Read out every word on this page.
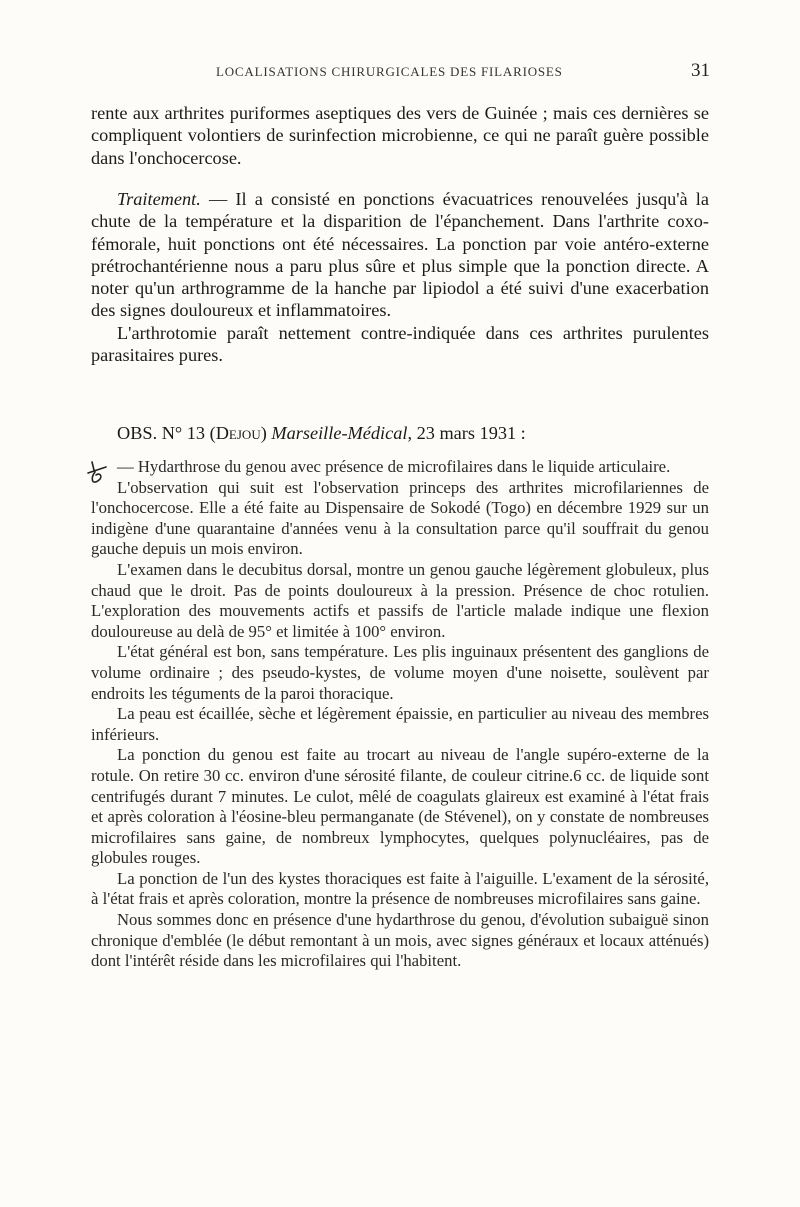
LOCALISATIONS CHIRURGICALES DES FILARIOSES	31

rente aux arthrites puriformes aseptiques des vers de Guinée ; mais ces dernières se compliquent volontiers de surinfection microbienne, ce qui ne paraît guère possible dans l'onchocercose.

Traitement. — Il a consisté en ponctions évacuatrices renouvelées jusqu'à la chute de la température et la disparition de l'épanchement. Dans l'arthrite coxo-fémorale, huit ponctions ont été nécessaires. La ponction par voie antéro-externe prétrochantérienne nous a paru plus sûre et plus simple que la ponction directe. A noter qu'un arthrogramme de la hanche par lipiodol a été suivi d'une exacerbation des signes douloureux et inflammatoires.

L'arthrotomie paraît nettement contre-indiquée dans ces arthrites purulentes parasitaires pures.

OBS. N° 13 (Dejou) Marseille-Médical, 23 mars 1931 :

— Hydarthrose du genou avec présence de microfilaires dans le liquide articulaire.

L'observation qui suit est l'observation princeps des arthrites microfilariennes de l'onchocercose. Elle a été faite au Dispensaire de Sokodé (Togo) en décembre 1929 sur un indigène d'une quarantaine d'années venu à la consultation parce qu'il souffrait du genou gauche depuis un mois environ.

L'examen dans le decubitus dorsal, montre un genou gauche légèrement globuleux, plus chaud que le droit. Pas de points douloureux à la pression. Présence de choc rotulien. L'exploration des mouvements actifs et passifs de l'article malade indique une flexion douloureuse au delà de 95° et limitée à 100° environ.

L'état général est bon, sans température. Les plis inguinaux présentent des ganglions de volume ordinaire ; des pseudo-kystes, de volume moyen d'une noisette, soulèvent par endroits les téguments de la paroi thoracique.

La peau est écaillée, sèche et légèrement épaissie, en particulier au niveau des membres inférieurs.

La ponction du genou est faite au trocart au niveau de l'angle supéro-externe de la rotule. On retire 30 cc. environ d'une sérosité filante, de couleur citrine.6 cc. de liquide sont centrifugés durant 7 minutes. Le culot, mêlé de coagulats glaireux est examiné à l'état frais et après coloration à l'éosine-bleu permanganate (de Stévenel), on y constate de nombreuses microfilaires sans gaine, de nombreux lymphocytes, quelques polynucléaires, pas de globules rouges.

La ponction de l'un des kystes thoraciques est faite à l'aiguille. L'exament de la sérosité, à l'état frais et après coloration, montre la présence de nombreuses microfilaires sans gaine.

Nous sommes donc en présence d'une hydarthrose du genou, d'évolution subaiguë sinon chronique d'emblée (le début remontant à un mois, avec signes généraux et locaux atténués) dont l'intérêt réside dans les microfilaires qui l'habitent.
